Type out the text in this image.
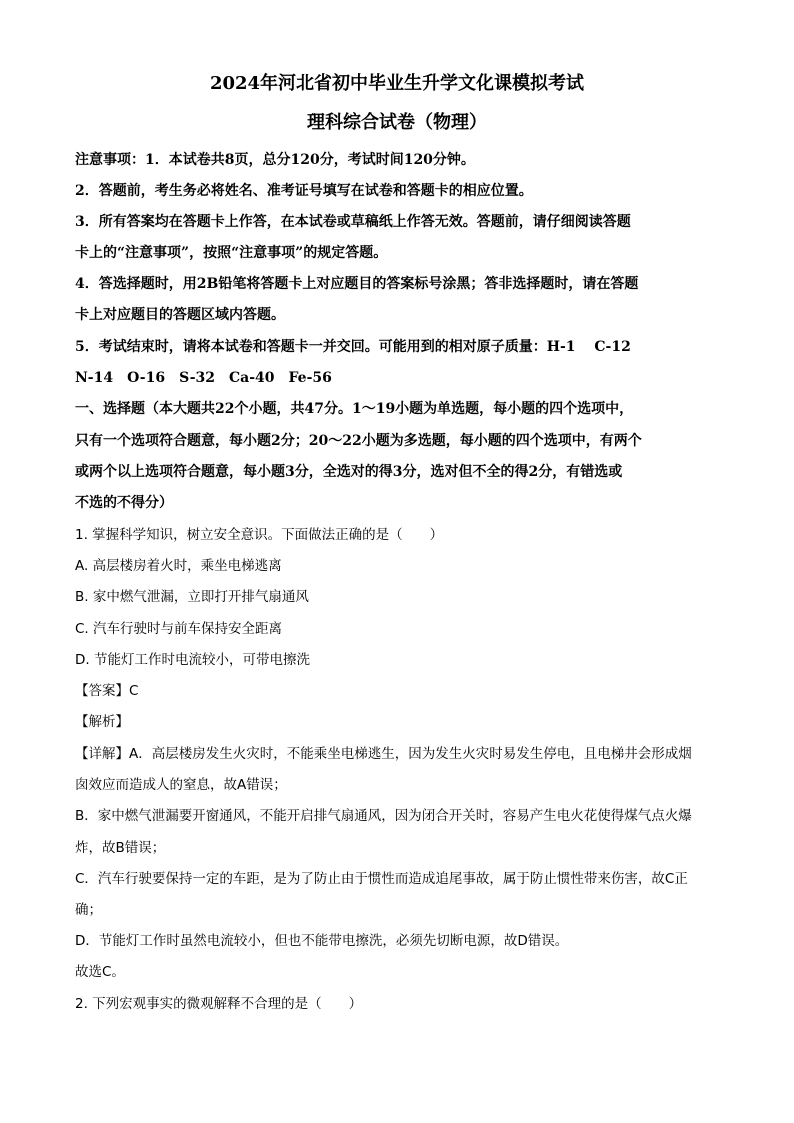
2024年河北省初中毕业生升学文化课模拟考试
理科综合试卷（物理）
注意事项：1．本试卷共8页，总分120分，考试时间120分钟。
2．答题前，考生务必将姓名、准考证号填写在试卷和答题卡的相应位置。
3．所有答案均在答题卡上作答，在本试卷或草稿纸上作答无效。答题前，请仔细阅读答题
卡上的“注意事项”，按照“注意事项”的规定答题。
4．答选择题时，用2B铅笔将答题卡上对应题目的答案标号涂黑；答非选择题时，请在答题
卡上对应题目的答题区域内答题。
5．考试结束时，请将本试卷和答题卡一并交回。可能用到的相对原子质量：H-1　 C-12
N-14　O-16　S-32　Ca-40　Fe-56
一、选择题（本大题共22个小题，共47分。1～19小题为单选题，每小题的四个选项中，
只有一个选项符合题意，每小题2分；20～22小题为多选题，每小题的四个选项中，有两个
或两个以上选项符合题意，每小题3分，全选对的得3分，选对但不全的得2分，有错选或
不选的不得分）
1. 掌握科学知识，树立安全意识。下面做法正确的是（　　）
A. 高层楼房着火时，乘坐电梯逃离
B. 家中燃气泄漏，立即打开排气扇通风
C. 汽车行驶时与前车保持安全距离
D. 节能灯工作时电流较小，可带电擦洗
【答案】C
【解析】
【详解】A．高层楼房发生火灾时，不能乘坐电梯逃生，因为发生火灾时易发生停电，且电梯井会形成烟
囱效应而造成人的窒息，故A错误；
B．家中燃气泄漏要开窗通风，不能开启排气扇通风，因为闭合开关时，容易产生电火花使得煤气点火爆
炸，故B错误；
C．汽车行驶要保持一定的车距，是为了防止由于惯性而造成追尾事故，属于防止惯性带来伤害，故C正
确；
D．节能灯工作时虽然电流较小，但也不能带电擦洗，必须先切断电源，故D错误。
故选C。
2. 下列宏观事实的微观解释不合理的是（　　）
